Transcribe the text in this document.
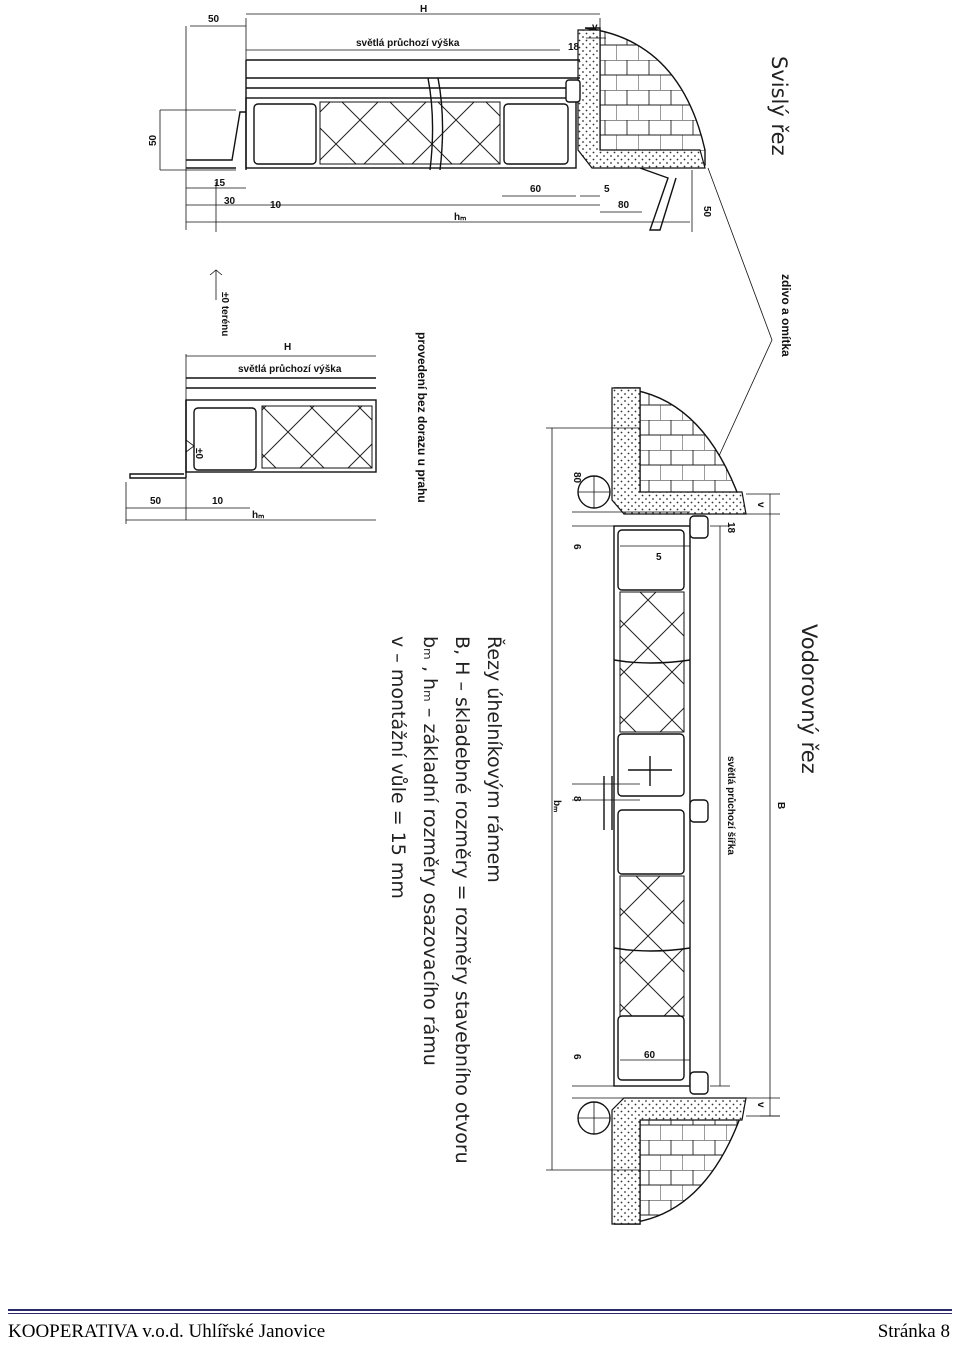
50
H
v
světlá průchozí výška	18
50
15
30	10
60	5
80
50
hₘ
±0 terénu
Svislý řez
H
světlá průchozí výška
±0
50	10
hₘ
provedení bez dorazu u prahu
zdivo a omítka
80
6
5
18
v
světlá průchozí šířka	B
bₘ
8
6	60
v
Vodorovný řez
Řezy úhelníkovým rámem
B, H – skladebné rozměry = rozměry stavebního otvoru
bₘ , hₘ – základní rozměry osazovacího rámu
v – montážní vůle = 15 mm
KOOPERATIVA v.o.d. Uhlířské Janovice	Stránka 8
